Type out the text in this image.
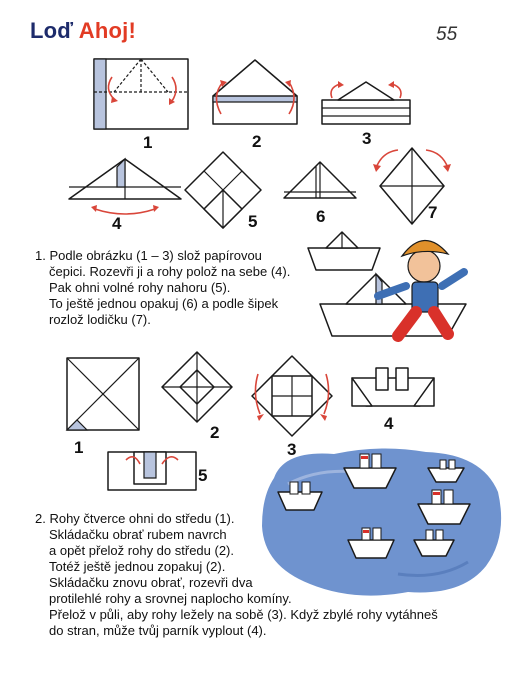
Loď Ahoj!	55
1	2	3
4	5	6	7
1. Podle obrázku (1 – 3) slož papírovou
čepici. Rozevři ji a rohy polož na sebe (4).
Pak ohni volné rohy nahoru (5).
To ještě jednou opakuj (6) a podle šipek
rozlož lodičku (7).
1
2
3
4
5
2. Rohy čtverce ohni do středu (1).
Skládačku obrať rubem navrch
a opět přelož rohy do středu (2).
Totéž ještě jednou zopakuj (2).
Skládačku znovu obrať, rozevři dva
protilehlé rohy a srovnej naplocho komíny.
Přelož v půli, aby rohy ležely na sobě (3). Když zbylé rohy vytáhneš
do stran, může tvůj parník vyplout (4).
